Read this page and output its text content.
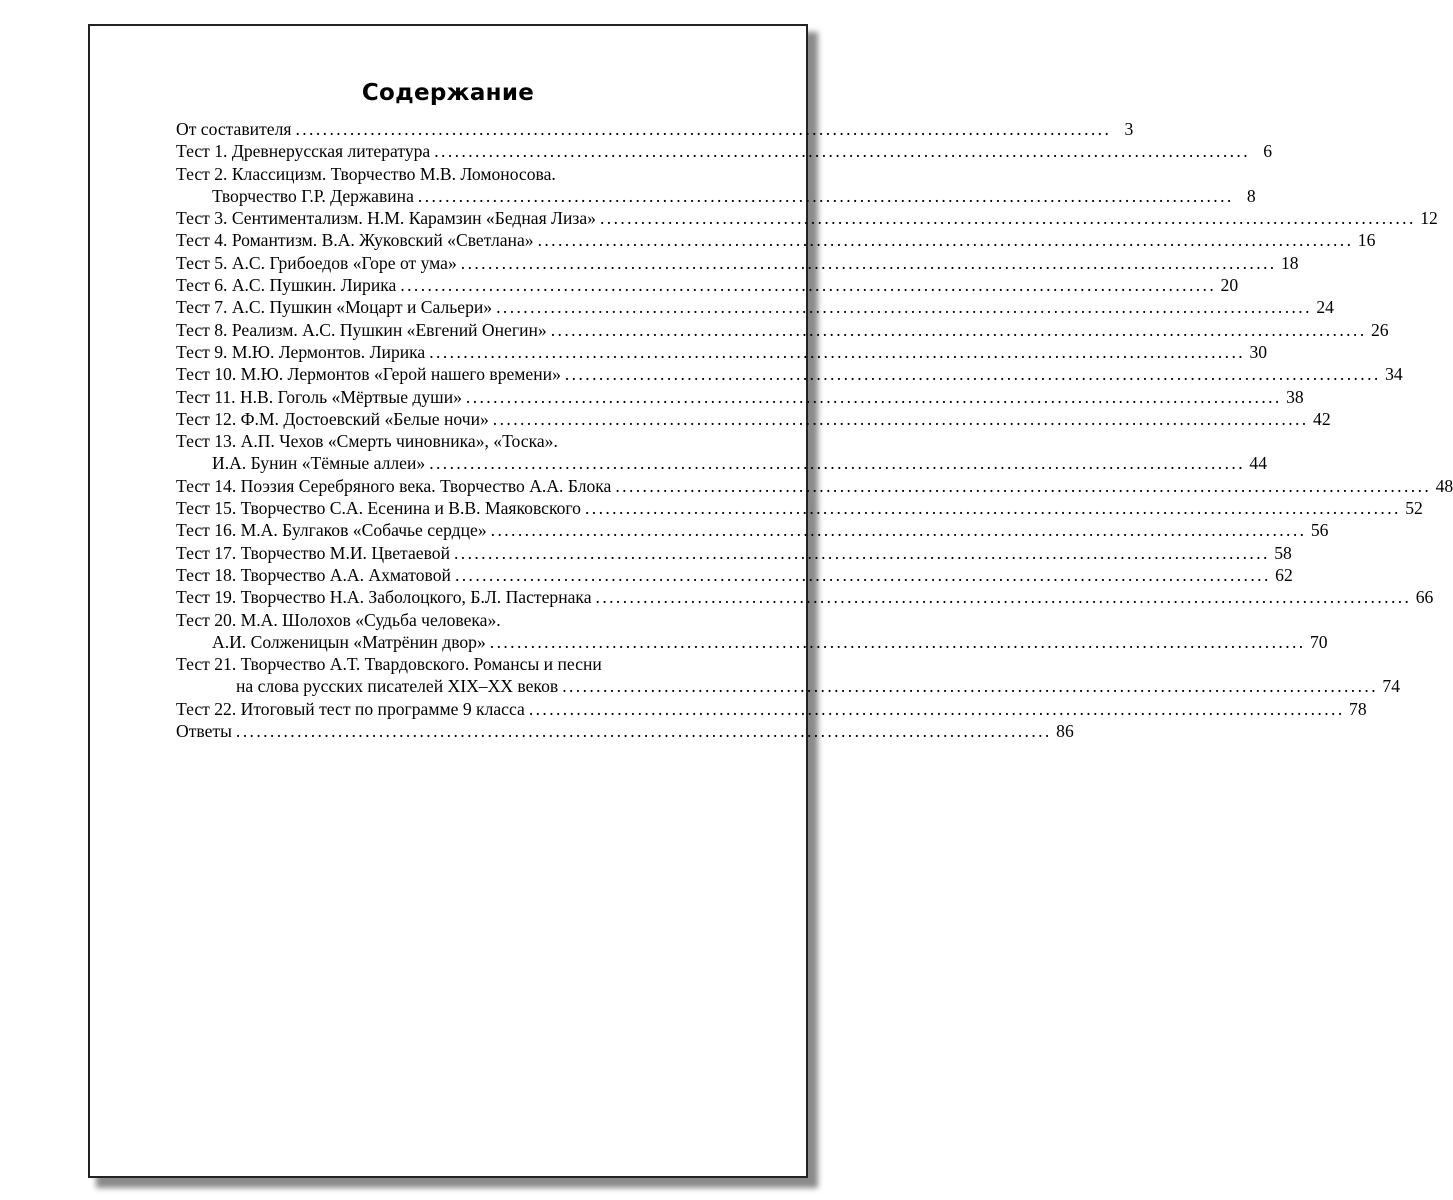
Содержание
От составителя ........................................................................................................................ 3
Тест 1. Древнерусская литература ........................................................................................................................ 6
Тест 2. Классицизм. Творчество М.В. Ломоносова.
Творчество Г.Р. Державина ........................................................................................................................ 8
Тест 3. Сентиментализм. Н.М. Карамзин «Бедная Лиза» ........................................................................................................................ 12
Тест 4. Романтизм. В.А. Жуковский «Светлана» ........................................................................................................................ 16
Тест 5. А.С. Грибоедов «Горе от ума» ........................................................................................................................ 18
Тест 6. А.С. Пушкин. Лирика ........................................................................................................................ 20
Тест 7. А.С. Пушкин «Моцарт и Сальери» ........................................................................................................................ 24
Тест 8. Реализм. А.С. Пушкин «Евгений Онегин» ........................................................................................................................ 26
Тест 9. М.Ю. Лермонтов. Лирика ........................................................................................................................ 30
Тест 10. М.Ю. Лермонтов «Герой нашего времени» ........................................................................................................................ 34
Тест 11. Н.В. Гоголь «Мёртвые души» ........................................................................................................................ 38
Тест 12. Ф.М. Достоевский «Белые ночи» ........................................................................................................................ 42
Тест 13. А.П. Чехов «Смерть чиновника», «Тоска».
И.А. Бунин «Тёмные аллеи» ........................................................................................................................ 44
Тест 14. Поэзия Серебряного века. Творчество А.А. Блока ........................................................................................................................ 48
Тест 15. Творчество С.А. Есенина и В.В. Маяковского ........................................................................................................................ 52
Тест 16. М.А. Булгаков «Собачье сердце» ........................................................................................................................ 56
Тест 17. Творчество М.И. Цветаевой ........................................................................................................................ 58
Тест 18. Творчество А.А. Ахматовой ........................................................................................................................ 62
Тест 19. Творчество Н.А. Заболоцкого, Б.Л. Пастернака ........................................................................................................................ 66
Тест 20. М.А. Шолохов «Судьба человека».
А.И. Солженицын «Матрёнин двор» ........................................................................................................................ 70
Тест 21. Творчество А.Т. Твардовского. Романсы и песни
на слова русских писателей XIX–XX веков ........................................................................................................................ 74
Тест 22. Итоговый тест по программе 9 класса ........................................................................................................................ 78
Ответы ........................................................................................................................ 86
